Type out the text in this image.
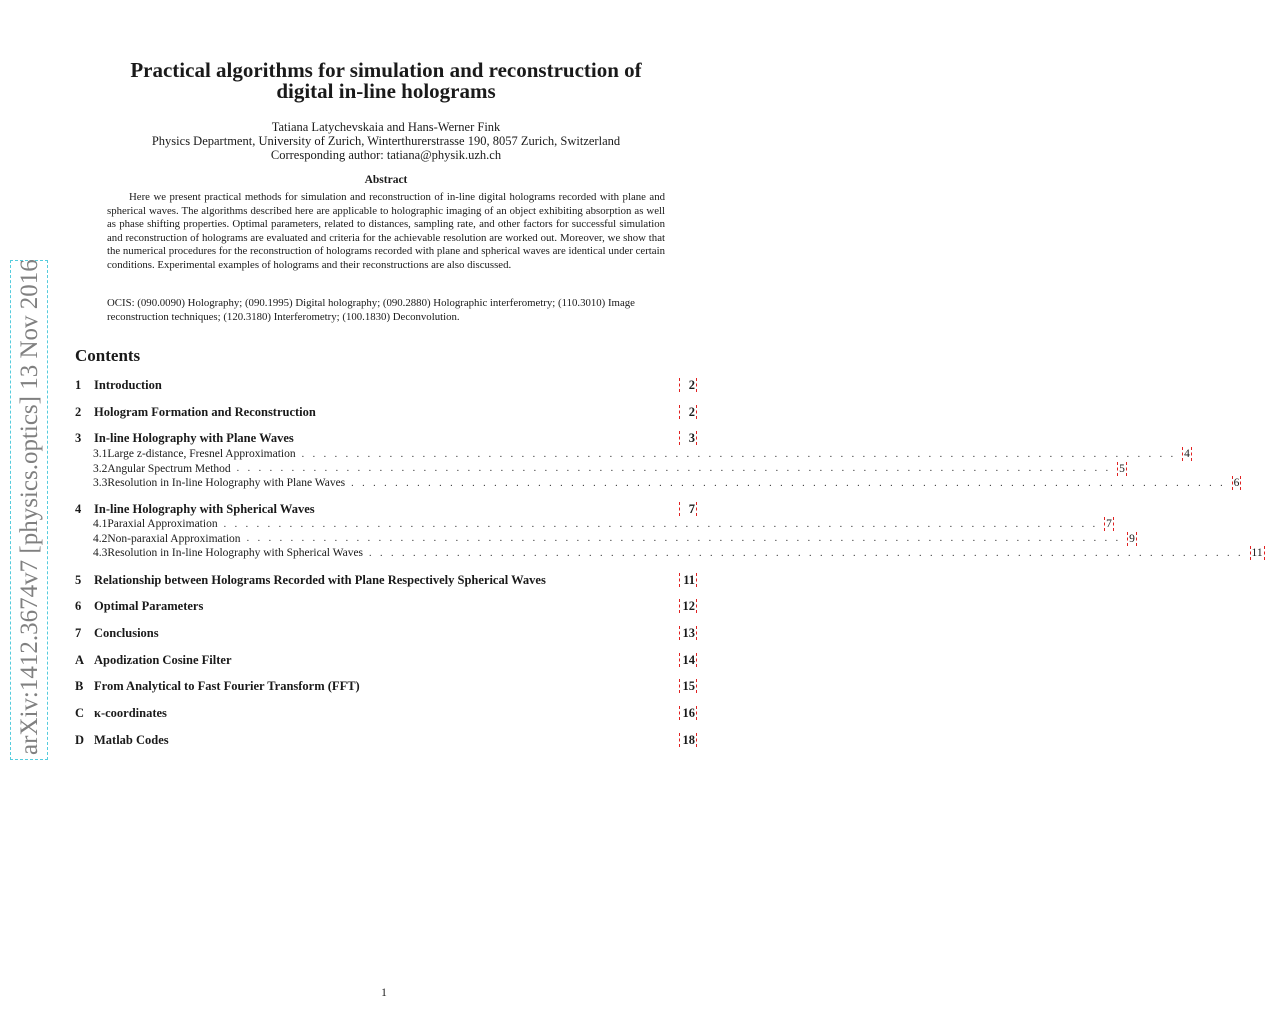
Practical algorithms for simulation and reconstruction of
digital in-line holograms
Tatiana Latychevskaia and Hans-Werner Fink
Physics Department, University of Zurich, Winterthurerstrasse 190, 8057 Zurich, Switzerland
Corresponding author: tatiana@physik.uzh.ch
Abstract

Here we present practical methods for simulation and reconstruction of in-line digital holograms recorded with plane and spherical waves. The algorithms described here are applicable to holographic imaging of an object exhibiting absorption as well as phase shifting properties. Optimal parameters, related to distances, sampling rate, and other factors for successful simulation and reconstruction of holograms are evaluated and criteria for the achievable resolution are worked out. Moreover, we show that the numerical procedures for the reconstruction of holograms recorded with plane and spherical waves are identical under certain conditions. Experimental examples of holograms and their reconstructions are also discussed.

OCIS: (090.0090) Holography; (090.1995) Digital holography; (090.2880) Holographic interferometry; (110.3010) Image reconstruction techniques; (120.3180) Interferometry; (100.1830) Deconvolution.
Contents
1	Introduction	2
2	Hologram Formation and Reconstruction	2
3	In-line Holography with Plane Waves	3
3.1 Large z-distance, Fresnel Approximation . . . . . . . . . . . . . . . . . . . . . . . . . . . . . . . . . . . . . . . . . . . . . . . . . . . . . . . . . . . . . . . . . . . . . . . . . . . . . . . . 4
3.2 Angular Spectrum Method . . . . . . . . . . . . . . . . . . . . . . . . . . . . . . . . . . . . . . . . . . . . . . . . . . . . . . . . . . . . . . . . . . . . . . . . . . . . . . . . 5
3.3 Resolution in In-line Holography with Plane Waves . . . . . . . . . . . . . . . . . . . . . . . . . . . . . . . . . . . . . . . . . . . . . . . . . . . . . . . . . . . . . . . . . . . . . . . . . . . . . . . . 6
4	In-line Holography with Spherical Waves	7
4.1 Paraxial Approximation . . . . . . . . . . . . . . . . . . . . . . . . . . . . . . . . . . . . . . . . . . . . . . . . . . . . . . . . . . . . . . . . . . . . . . . . . . . . . . . . 7
4.2 Non-paraxial Approximation . . . . . . . . . . . . . . . . . . . . . . . . . . . . . . . . . . . . . . . . . . . . . . . . . . . . . . . . . . . . . . . . . . . . . . . . . . . . . . . . 9
4.3 Resolution in In-line Holography with Spherical Waves . . . . . . . . . . . . . . . . . . . . . . . . . . . . . . . . . . . . . . . . . . . . . . . . . . . . . . . . . . . . . . . . . . . . . . . . . . . . . . . . 11
5	Relationship between Holograms Recorded with Plane Respectively Spherical Waves	11
6	Optimal Parameters	12
7	Conclusions	13
A Apodization Cosine Filter	14
B From Analytical to Fast Fourier Transform (FFT)	15
C κ-coordinates	16
D Matlab Codes	18
arXiv:1412.3674v7 [physics.optics] 13 Nov 2016
1
